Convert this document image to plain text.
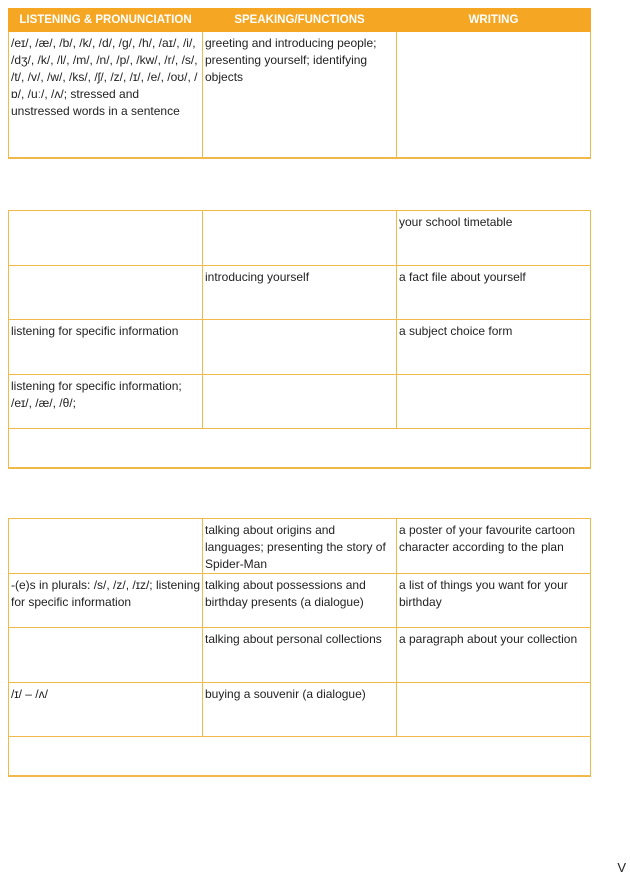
LISTENING & PRONUNCIATION	SPEAKING/FUNCTIONS	WRITING
/eɪ/, /æ/, /b/, /k/, /d/, /g/, /h/, /aɪ/, /i/, /dʒ/, /k/, /l/, /m/, /n/, /p/, /kw/, /r/, /s/, /t/, /v/, /w/, /ks/, /ʃ/, /z/, /ɪ/, /e/, /oʊ/, /ɒ/, /uː/, /ʌ/; stressed and unstressed words in a sentence	greeting and introducing people; presenting yourself; identifying objects	
		your school timetable
	introducing yourself	a fact file about yourself
listening for specific information		a subject choice form
listening for specific information; /eɪ/, /æ/, /θ/;		

	talking about origins and languages; presenting the story of Spider-Man	a poster of your favourite cartoon character according to the plan
-(e)s in plurals: /s/, /z/, /ɪz/; listening for specific information	talking about possessions and birthday presents (a dialogue)	a list of things you want for your birthday
	talking about personal collections	a paragraph about your collection
/ɪ/ – /ʌ/	buying a souvenir (a dialogue)	

V
